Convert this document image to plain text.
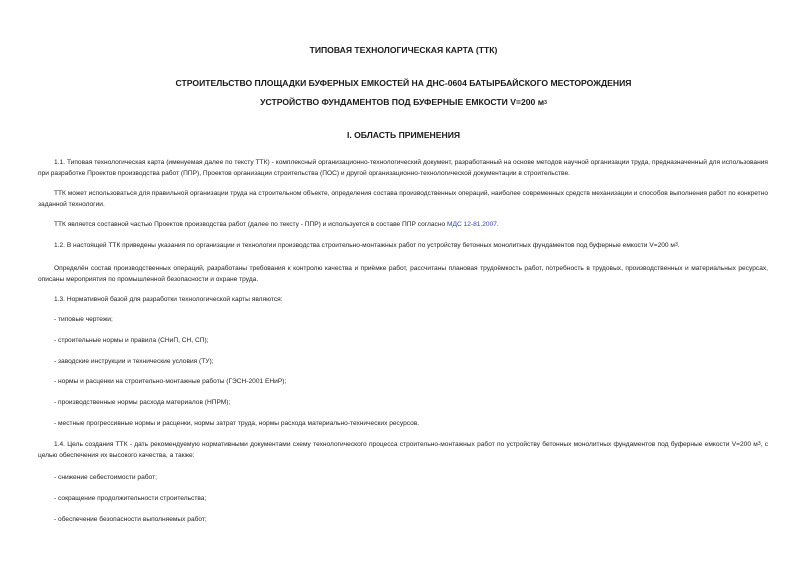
ТИПОВАЯ ТЕХНОЛОГИЧЕСКАЯ КАРТА (ТТК)
СТРОИТЕЛЬСТВО ПЛОЩАДКИ БУФЕРНЫХ ЕМКОСТЕЙ НА ДНС-0604 БАТЫРБАЙСКОГО МЕСТОРОЖДЕНИЯ
УСТРОЙСТВО ФУНДАМЕНТОВ ПОД БУФЕРНЫЕ ЕМКОСТИ V=200 $м^3$
I. ОБЛАСТЬ ПРИМЕНЕНИЯ
1.1. Типовая технологическая карта (именуемая далее по тексту ТТК) - комплексный организационно-технологический документ, разработанный на основе методов научной организации труда, предназначенный для использования при разработке Проектов производства работ (ППР), Проектов организации строительства (ПОС) и другой организационно-технологической документации в строительстве.
ТТК может использоваться для правильной организации труда на строительном объекте, определения состава производственных операций, наиболее современных средств механизации и способов выполнения работ по конкретно заданной технологии.
ТТК является составной частью Проектов производства работ (далее по тексту - ППР) и используется в составе ППР согласно МДС 12-81.2007.
1.2. В настоящей ТТК приведены указания по организации и технологии производства строительно-монтажных работ по устройству бетонных монолитных фундаментов под буферные емкости V=200 $м^3$.
Определён состав производственных операций, разработаны требования к контролю качества и приёмке работ, рассчитаны плановая трудоёмкость работ, потребность в трудовых, производственных и материальных ресурсах, описаны мероприятия по промышленной безопасности и охране труда.
1.3. Нормативной базой для разработки технологической карты являются:
- типовые чертежи;
- строительные нормы и правила (СНиП, СН, СП);
- заводские инструкции и технические условия (ТУ);
- нормы и расценки на строительно-монтажные работы (ГЭСН-2001 ЕНиР);
- производственные нормы расхода материалов (НПРМ);
- местные прогрессивные нормы и расценки, нормы затрат труда, нормы расхода материально-технических ресурсов.
1.4. Цель создания ТТК - дать рекомендуемую нормативными документами схему технологического процесса строительно-монтажных работ по устройству бетонных монолитных фундаментов под буферные емкости V=200 $м^3$, с целью обеспечения их высокого качества, а также:
- снижение себестоимости работ;
- сокращение продолжительности строительства;
- обеспечение безопасности выполняемых работ;
